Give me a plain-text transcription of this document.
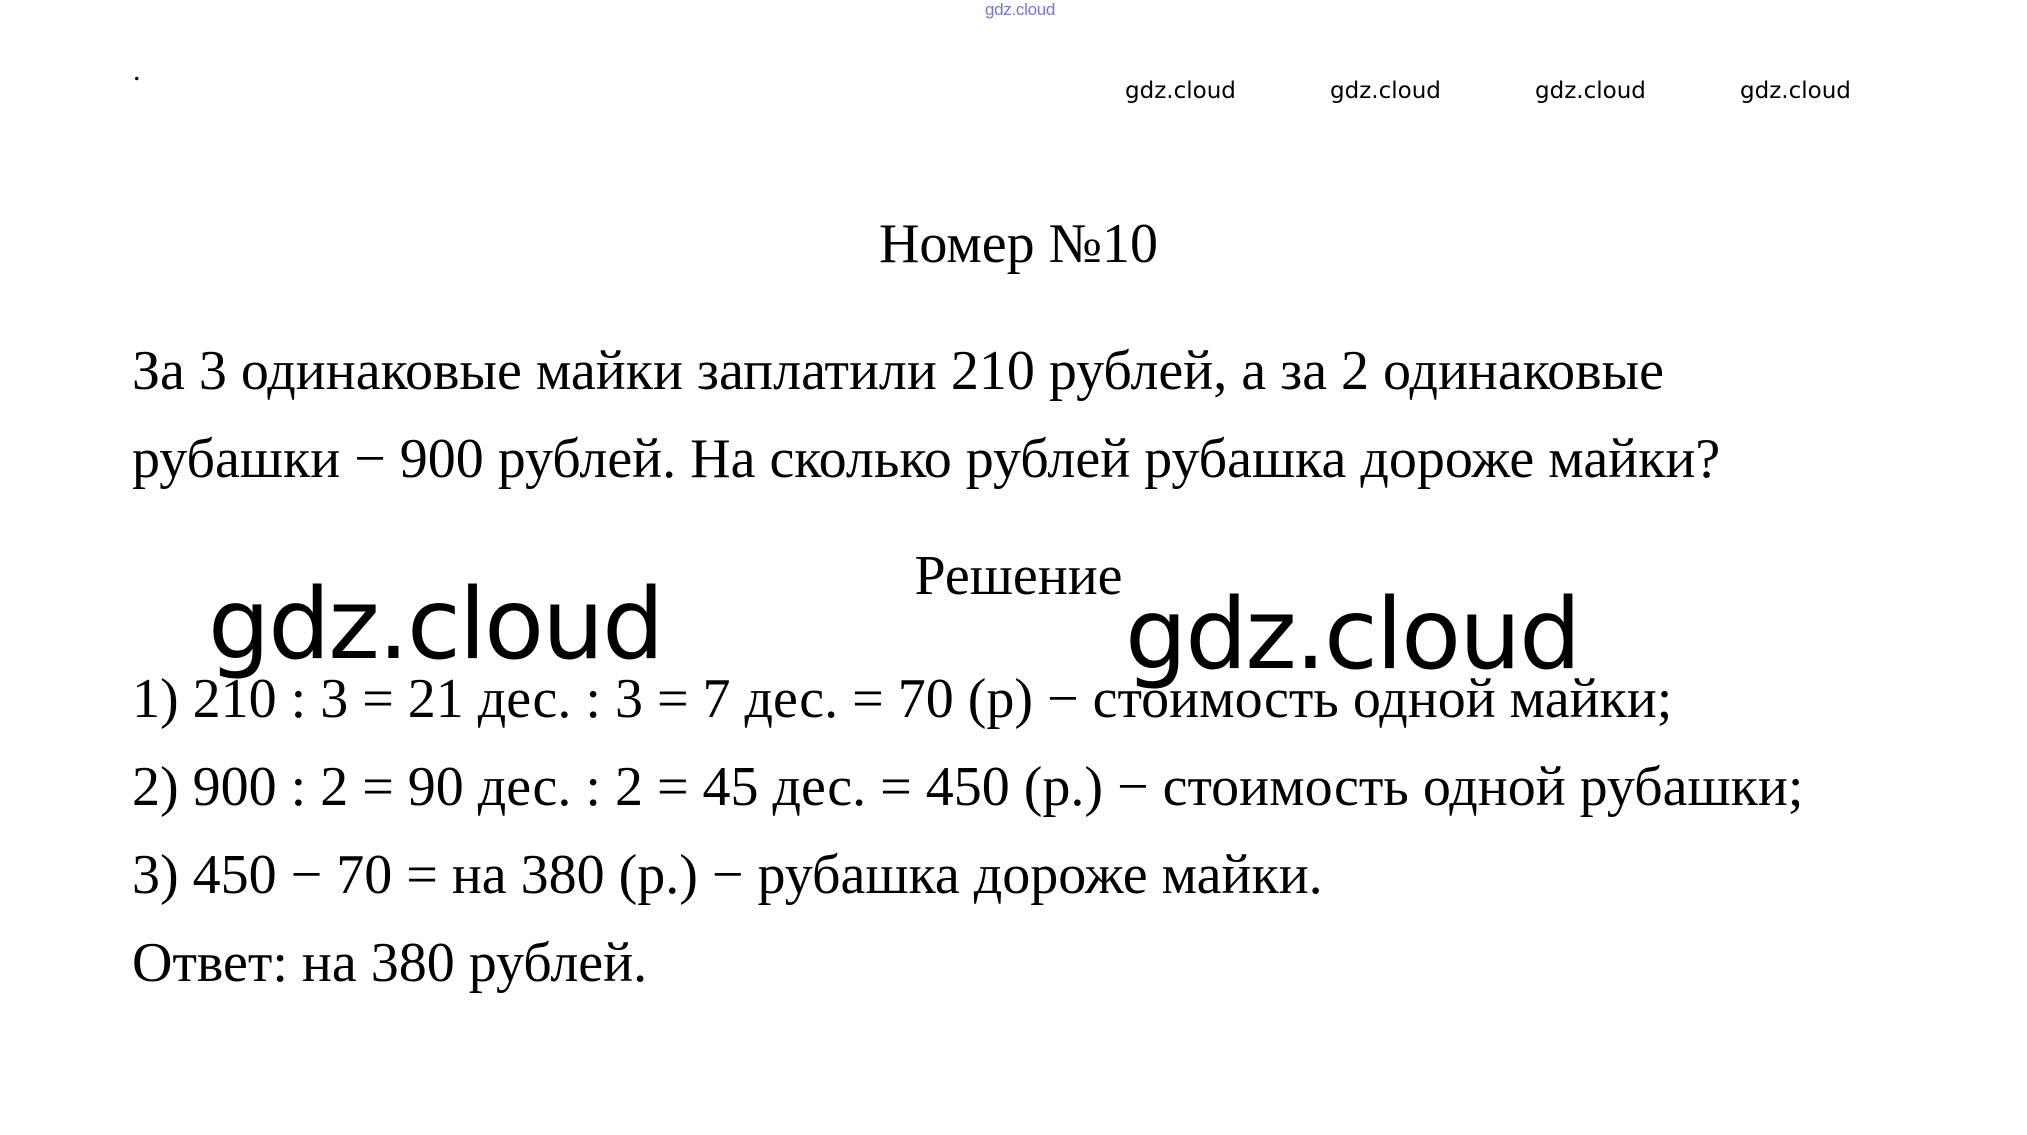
gdz.cloud
.
gdz.cloud	gdz.cloud	gdz.cloud	gdz.cloud
Номер №10
За 3 одинаковые майки заплатили 210 рублей, а за 2 одинаковые
рубашки − 900 рублей. На сколько рублей рубашка дороже майки?
Решение
1) 210 : 3 = 21 дес. : 3 = 7 дес. = 70 (р) − стоимость одной майки;
2) 900 : 2 = 90 дес. : 2 = 45 дес. = 450 (р.) − стоимость одной рубашки;
3) 450 − 70 = на 380 (р.) − рубашка дороже майки.
Ответ: на 380 рублей.
gdz.cloud	gdz.cloud
